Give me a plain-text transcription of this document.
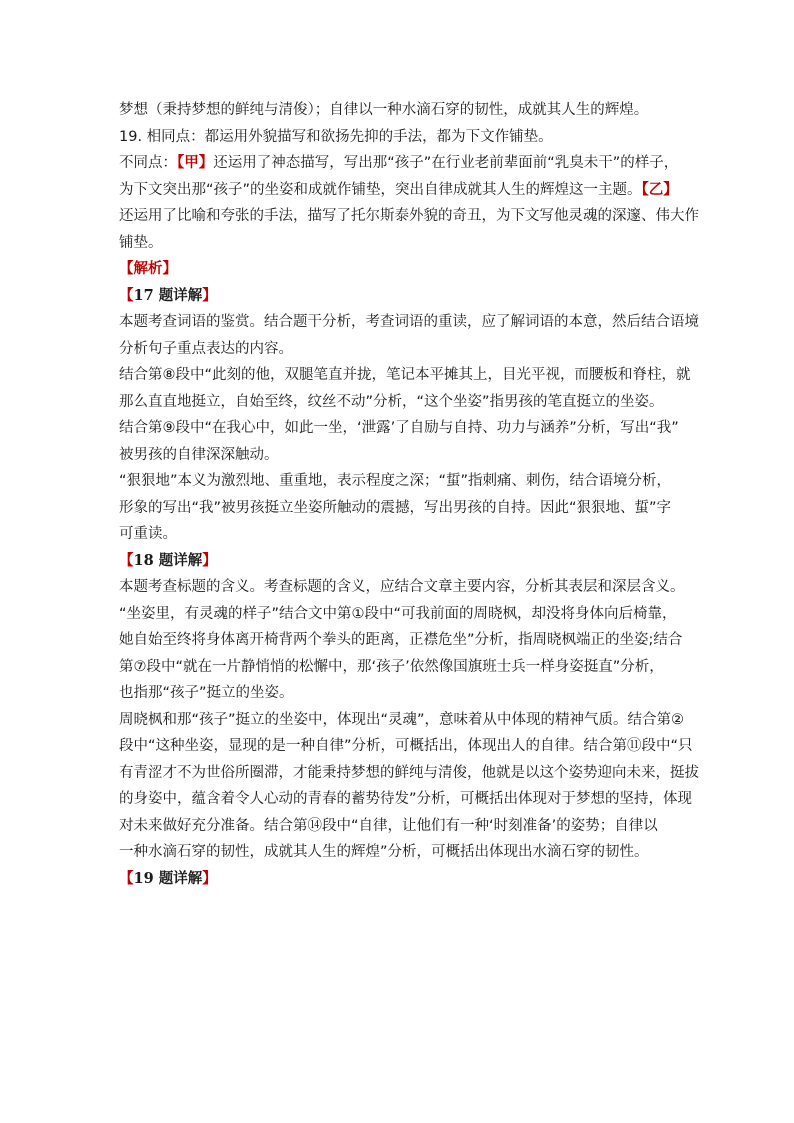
梦想（秉持梦想的鲜纯与清俊）；自律以一种水滴石穿的韧性，成就其人生的辉煌。
19. 相同点：都运用外貌描写和欲扬先抑的手法，都为下文作铺垫。
不同点：【甲】还运用了神态描写，写出那“孩子”在行业老前辈面前“乳臭未干”的样子，
为下文突出那“孩子”的坐姿和成就作铺垫，突出自律成就其人生的辉煌这一主题。【乙】
还运用了比喻和夸张的手法，描写了托尔斯泰外貌的奇丑，为下文写他灵魂的深邃、伟大作
铺垫。
【解析】
【17 题详解】
本题考查词语的鉴赏。结合题干分析，考查词语的重读，应了解词语的本意，然后结合语境
分析句子重点表达的内容。
结合第⑧段中“此刻的他，双腿笔直并拢，笔记本平摊其上，目光平视，而腰板和脊柱，就
那么直直地挺立，自始至终，纹丝不动”分析，“这个坐姿”指男孩的笔直挺立的坐姿。
结合第⑨段中“在我心中，如此一坐，‘泄露’了自励与自持、功力与涵养”分析，写出“我”
被男孩的自律深深触动。
“狠狠地”本义为激烈地、重重地，表示程度之深；“蜇”指刺痛、刺伤，结合语境分析，
形象的写出“我”被男孩挺立坐姿所触动的震撼，写出男孩的自持。因此“狠狠地、蜇”字
可重读。
【18 题详解】
本题考查标题的含义。考查标题的含义，应结合文章主要内容，分析其表层和深层含义。
“坐姿里，有灵魂的样子”结合文中第①段中“可我前面的周晓枫，却没将身体向后椅靠，
她自始至终将身体离开椅背两个拳头的距离，正襟危坐”分析，指周晓枫端正的坐姿;结合
第⑦段中“就在一片静悄悄的松懈中，那‘孩子’依然像国旗班士兵一样身姿挺直”分析，
也指那“孩子”挺立的坐姿。
周晓枫和那“孩子”挺立的坐姿中，体现出“灵魂”，意味着从中体现的精神气质。结合第②
段中“这种坐姿，显现的是一种自律”分析，可概括出，体现出人的自律。结合第⑪段中“只
有青涩才不为世俗所圈滞，才能秉持梦想的鲜纯与清俊，他就是以这个姿势迎向未来，挺拔
的身姿中，蕴含着令人心动的青春的蓄势待发”分析，可概括出体现对于梦想的坚持，体现
对未来做好充分准备。结合第⑭段中“自律，让他们有一种‘时刻准备’的姿势；自律以
一种水滴石穿的韧性，成就其人生的辉煌”分析，可概括出体现出水滴石穿的韧性。
【19 题详解】
